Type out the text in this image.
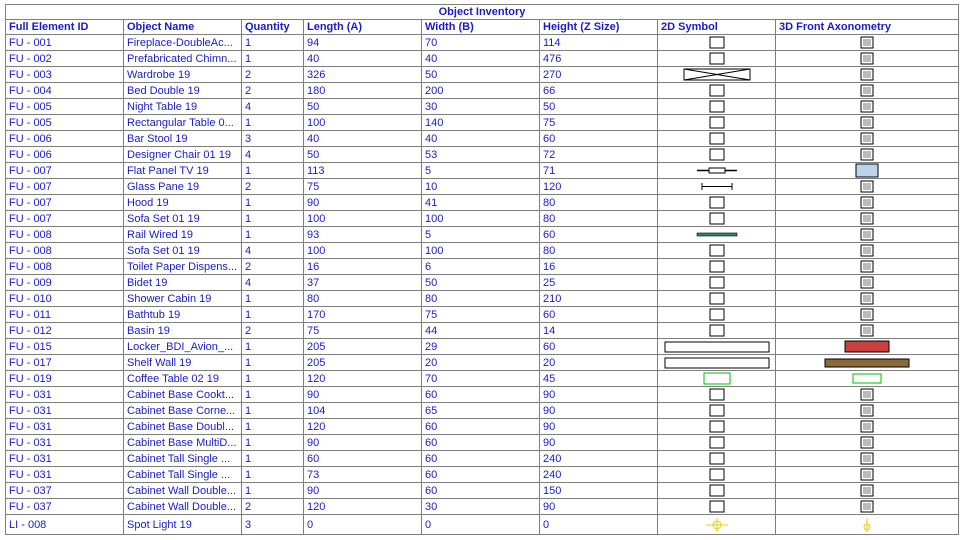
Object Inventory							
Full Element ID	Object Name	Quantity	Length (A)	Width (B)	Height (Z Size)	2D Symbol	3D Front Axonometry
FU - 001	Fireplace-DoubleAc...	1	94	70	114	

FU - 002	Prefabricated Chimn...	1	40	40	476	

FU - 003	Wardrobe 19	2	326	50	270	

FU - 004	Bed Double 19	2	180	200	66	

FU - 005	Night Table 19	4	50	30	50	

FU - 005	Rectangular Table 0...	1	100	140	75	

FU - 006	Bar Stool 19	3	40	40	60	

FU - 006	Designer Chair 01 19	4	50	53	72	

FU - 007	Flat Panel TV 19	1	113	5	71	

FU - 007	Glass Pane 19	2	75	10	120	

FU - 007	Hood 19	1	90	41	80	

FU - 007	Sofa Set 01 19	1	100	100	80	

FU - 008	Rail Wired 19	1	93	5	60	

FU - 008	Sofa Set 01 19	4	100	100	80	

FU - 008	Toilet Paper Dispens...	2	16	6	16	

FU - 009	Bidet 19	4	37	50	25	

FU - 010	Shower Cabin 19	1	80	80	210	

FU - 011	Bathtub 19	1	170	75	60	

FU - 012	Basin 19	2	75	44	14	

FU - 015	Locker_BDI_Avion_...	1	205	29	60	

FU - 017	Shelf Wall 19	1	205	20	20	

FU - 019	Coffee Table 02 19	1	120	70	45	

FU - 031	Cabinet Base Cookt...	1	90	60	90	

FU - 031	Cabinet Base Corne...	1	104	65	90	

FU - 031	Cabinet Base Doubl...	1	120	60	90	

FU - 031	Cabinet Base MultiD...	1	90	60	90	

FU - 031	Cabinet Tall Single ...	1	60	60	240	

FU - 031	Cabinet Tall Single ...	1	73	60	240	

FU - 037	Cabinet Wall Double...	1	90	60	150	

FU - 037	Cabinet Wall Double...	2	120	30	90	

LI - 008	Spot Light 19	3	0	0	0	
